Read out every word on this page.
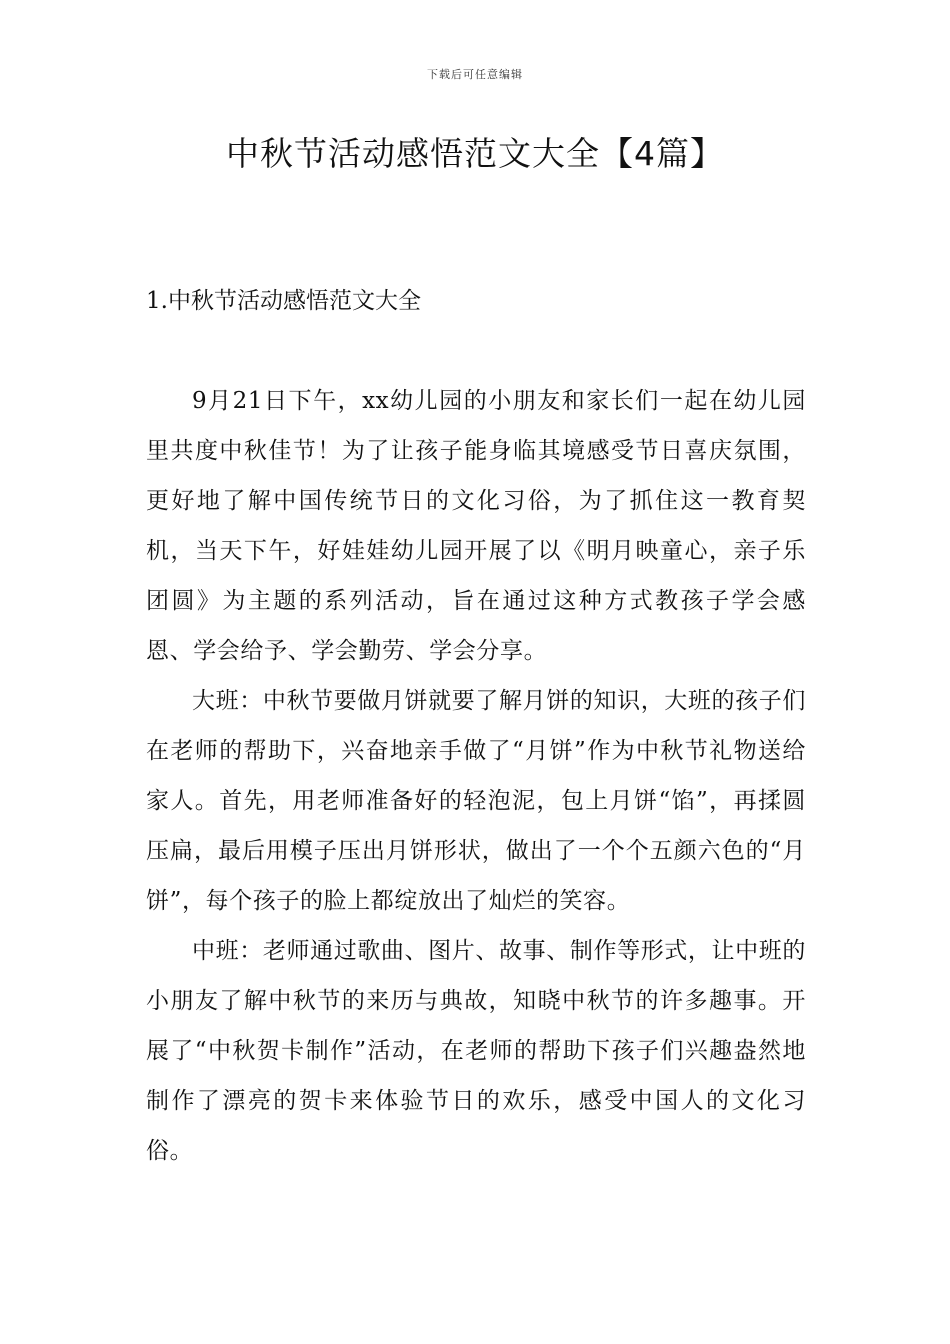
下载后可任意编辑
中秋节活动感悟范文大全【4篇】
1.中秋节活动感悟范文大全

9月21日下午，xx幼儿园的小朋友和家长们一起在幼儿园里共度中秋佳节！为了让孩子能身临其境感受节日喜庆氛围，更好地了解中国传统节日的文化习俗，为了抓住这一教育契机，当天下午，好娃娃幼儿园开展了以《明月映童心，亲子乐团圆》为主题的系列活动，旨在通过这种方式教孩子学会感恩、学会给予、学会勤劳、学会分享。

大班：中秋节要做月饼就要了解月饼的知识，大班的孩子们在老师的帮助下，兴奋地亲手做了“月饼”作为中秋节礼物送给家人。首先，用老师准备好的轻泡泥，包上月饼“馅”，再揉圆压扁，最后用模子压出月饼形状，做出了一个个五颜六色的“月饼”，每个孩子的脸上都绽放出了灿烂的笑容。

中班：老师通过歌曲、图片、故事、制作等形式，让中班的小朋友了解中秋节的来历与典故，知晓中秋节的许多趣事。开展了“中秋贺卡制作”活动，在老师的帮助下孩子们兴趣盎然地制作了漂亮的贺卡来体验节日的欢乐，感受中国人的文化习俗。
